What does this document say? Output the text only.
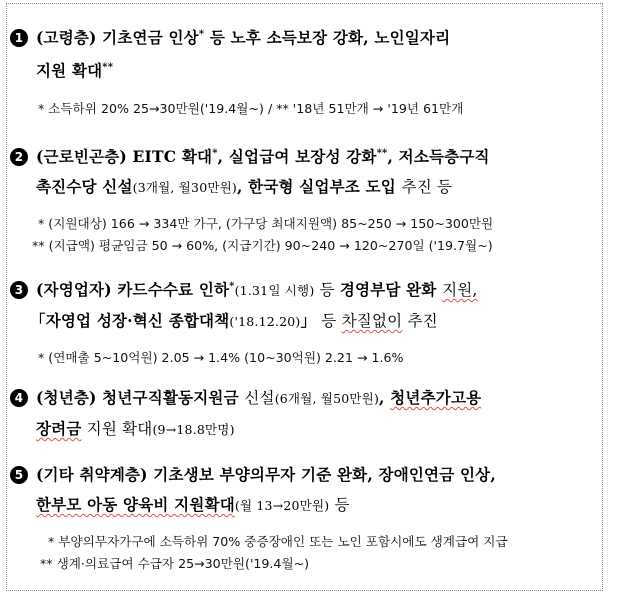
1 (고령층) 기초연금 인상* 등 노후 소득보장 강화, 노인일자리
지원 확대**
* 소득하위 20% 25→30만원('19.4월~) / ** '18년 51만개 → '19년 61만개
2 (근로빈곤층) EITC 확대*, 실업급여 보장성 강화**, 저소득층구직
촉진수당 신설(3개월, 월30만원), 한국형 실업부조 도입 추진 등
* (지원대상) 166 → 334만 가구, (가구당 최대지원액) 85~250 → 150~300만원
** (지급액) 평균임금 50 → 60%, (지급기간) 90~240 → 120~270일 ('19.7월~)
3 (자영업자) 카드수수료 인하*(1.31일 시행) 등 경영부담 완화 지원,
「자영업 성장·혁신 종합대책('18.12.20)」 등 차질없이 추진
* (연매출 5~10억원) 2.05 → 1.4% (10~30억원) 2.21 → 1.6%
4 (청년층) 청년구직활동지원금 신설(6개월, 월50만원), 청년추가고용
장려금 지원 확대(9→18.8만명)
5 (기타 취약계층) 기초생보 부양의무자 기준 완화, 장애인연금 인상,
한부모 아동 양육비 지원확대(월 13→20만원) 등
* 부양의무자가구에 소득하위 70% 중증장애인 또는 노인 포함시에도 생계급여 지급
** 생계·의료급여 수급자 25→30만원('19.4월~)
